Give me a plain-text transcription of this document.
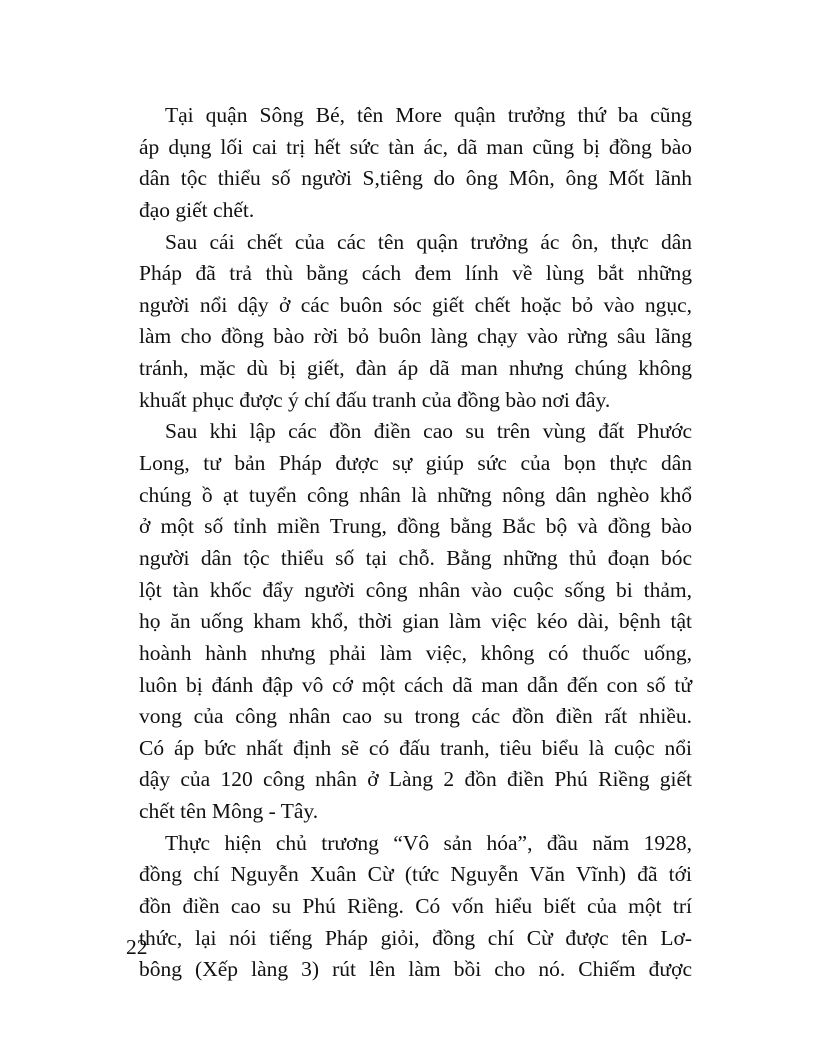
Tại quận Sông Bé, tên More quận trưởng thứ ba cũng
áp dụng lối cai trị hết sức tàn ác, dã man cũng bị đồng bào
dân tộc thiểu số người S,tiêng do ông Môn, ông Mốt lãnh
đạo giết chết.
Sau cái chết của các tên quận trưởng ác ôn, thực dân
Pháp đã trả thù bằng cách đem lính về lùng bắt những
người nổi dậy ở các buôn sóc giết chết hoặc bỏ vào ngục,
làm cho đồng bào rời bỏ buôn làng chạy vào rừng sâu lãng
tránh, mặc dù bị giết, đàn áp dã man nhưng chúng không
khuất phục được ý chí đấu tranh của đồng bào nơi đây.
Sau khi lập các đồn điền cao su trên vùng đất Phước
Long, tư bản Pháp được sự giúp sức của bọn thực dân
chúng ồ ạt tuyển công nhân là những nông dân nghèo khổ
ở một số tỉnh miền Trung, đồng bằng Bắc bộ và đồng bào
người dân tộc thiểu số tại chỗ. Bằng những thủ đoạn bóc
lột tàn khốc đẩy người công nhân vào cuộc sống bi thảm,
họ ăn uống kham khổ, thời gian làm việc kéo dài, bệnh tật
hoành hành nhưng phải làm việc, không có thuốc uống,
luôn bị đánh đập vô cớ một cách dã man dẫn đến con số tử
vong của công nhân cao su trong các đồn điền rất nhiều.
Có áp bức nhất định sẽ có đấu tranh, tiêu biểu là cuộc nổi
dậy của 120 công nhân ở Làng 2 đồn điền Phú Riềng giết
chết tên Mông - Tây.
Thực hiện chủ trương “Vô sản hóa”, đầu năm 1928,
đồng chí Nguyễn Xuân Cừ (tức Nguyễn Văn Vĩnh) đã tới
đồn điền cao su Phú Riềng. Có vốn hiểu biết của một trí
thức, lại nói tiếng Pháp giỏi, đồng chí Cừ được tên Lơ-
bông (Xếp làng 3) rút lên làm bồi cho nó. Chiếm được
22
